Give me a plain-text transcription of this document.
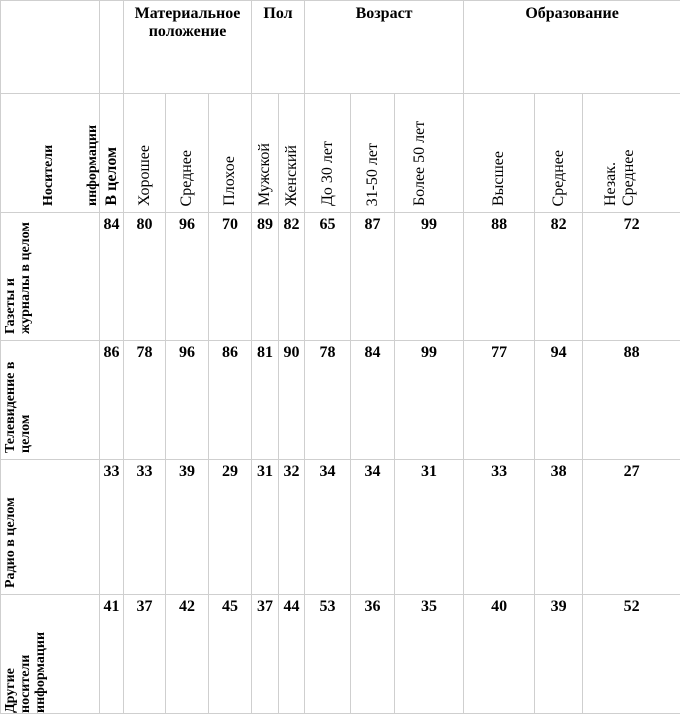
		Материальное положение			Пол		Возраст			Образование		

Носители информации	В целом	Хорошее	Среднее	Плохое	Мужской	Женский	До 30 лет	31-50 лет	Более 50 лет	Высшее	Среднее	Незак. Среднее

Газеты и журналы в целом	84	80	96	70	89	82	65	87	99	88	82	72

Телевидение в целом	86	78	96	86	81	90	78	84	99	77	94	88

Радио в целом	33	33	39	29	31	32	34	34	31	33	38	27

Другие носители информации	41	37	42	45	37	44	53	36	35	40	39	52
